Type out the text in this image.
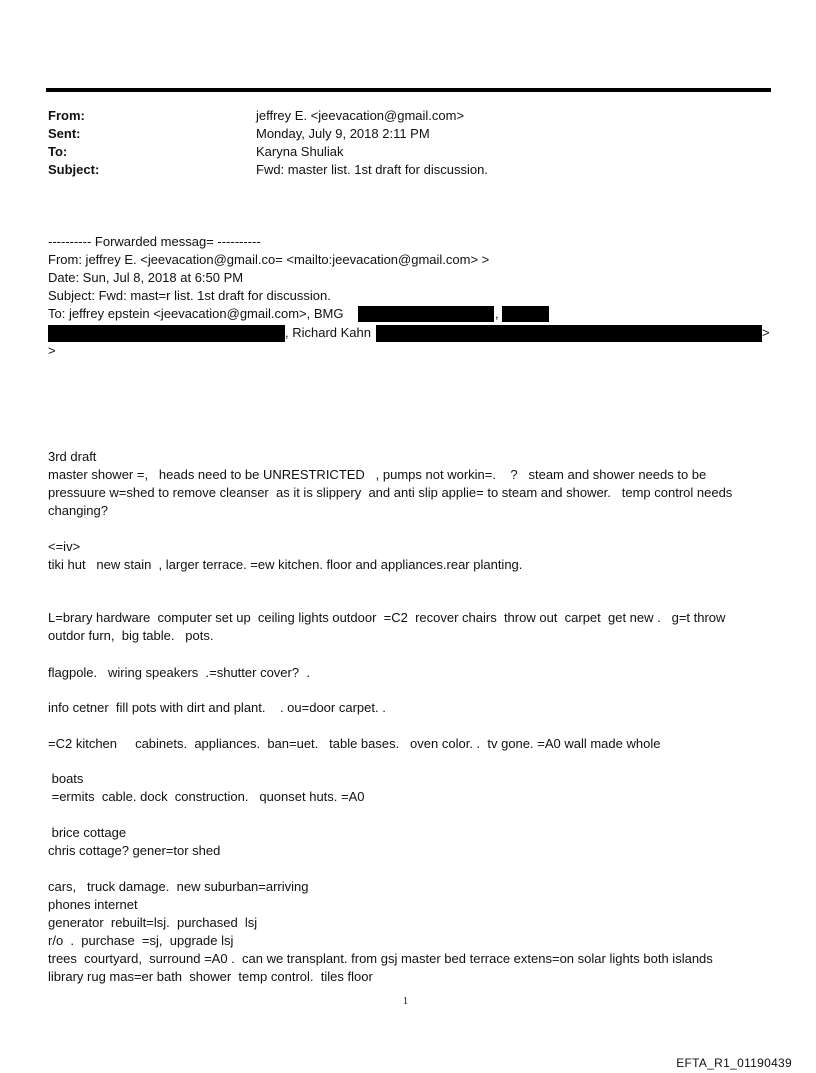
From:	jeffrey E. <jeevacation@gmail.com>
Sent:	Monday, July 9, 2018 2:11 PM
To:	Karyna Shuliak
Subject:	Fwd: master list. 1st draft for discussion.
---------- Forwarded messag= ----------
From: jeffrey E. <jeevacation@gmail.co= <mailto:jeevacation@gmail.com> >
Date: Sun, Jul 8, 2018 at 6:50 PM
Subject: Fwd: mast=r list. 1st draft for discussion.
To: jeffrey epstein <jeevacation@gmail.com>, BMG	,
, Richard Kahn	>
>
3rd draft
master shower =,   heads need to be UNRESTRICTED   , pumps not workin=.    ?   steam and shower needs to be
pressuure w=shed to remove cleanser  as it is slippery  and anti slip applie= to steam and shower.   temp control needs
changing?
<=iv>
tiki hut   new stain  , larger terrace. =ew kitchen. floor and appliances.rear planting.
L=brary hardware  computer set up  ceiling lights outdoor  =C2  recover chairs  throw out  carpet  get new .   g=t throw
outdor furn,  big table.   pots.
flagpole.   wiring speakers  .=shutter cover?  .
info cetner  fill pots with dirt and plant.    . ou=door carpet. .
=C2 kitchen     cabinets.  appliances.  ban=uet.   table bases.   oven color. .  tv gone. =A0 wall made whole
boats
=ermits  cable. dock  construction.   quonset huts. =A0
brice cottage
chris cottage? gener=tor shed
cars,   truck damage.  new suburban=arriving
phones internet
generator  rebuilt=lsj.  purchased  lsj
r/o  .  purchase  =sj,  upgrade lsj
trees  courtyard,  surround =A0 .  can we transplant. from gsj master bed terrace extens=on solar lights both islands
library rug mas=er bath  shower  temp control.  tiles floor
1
EFTA_R1_01190439
